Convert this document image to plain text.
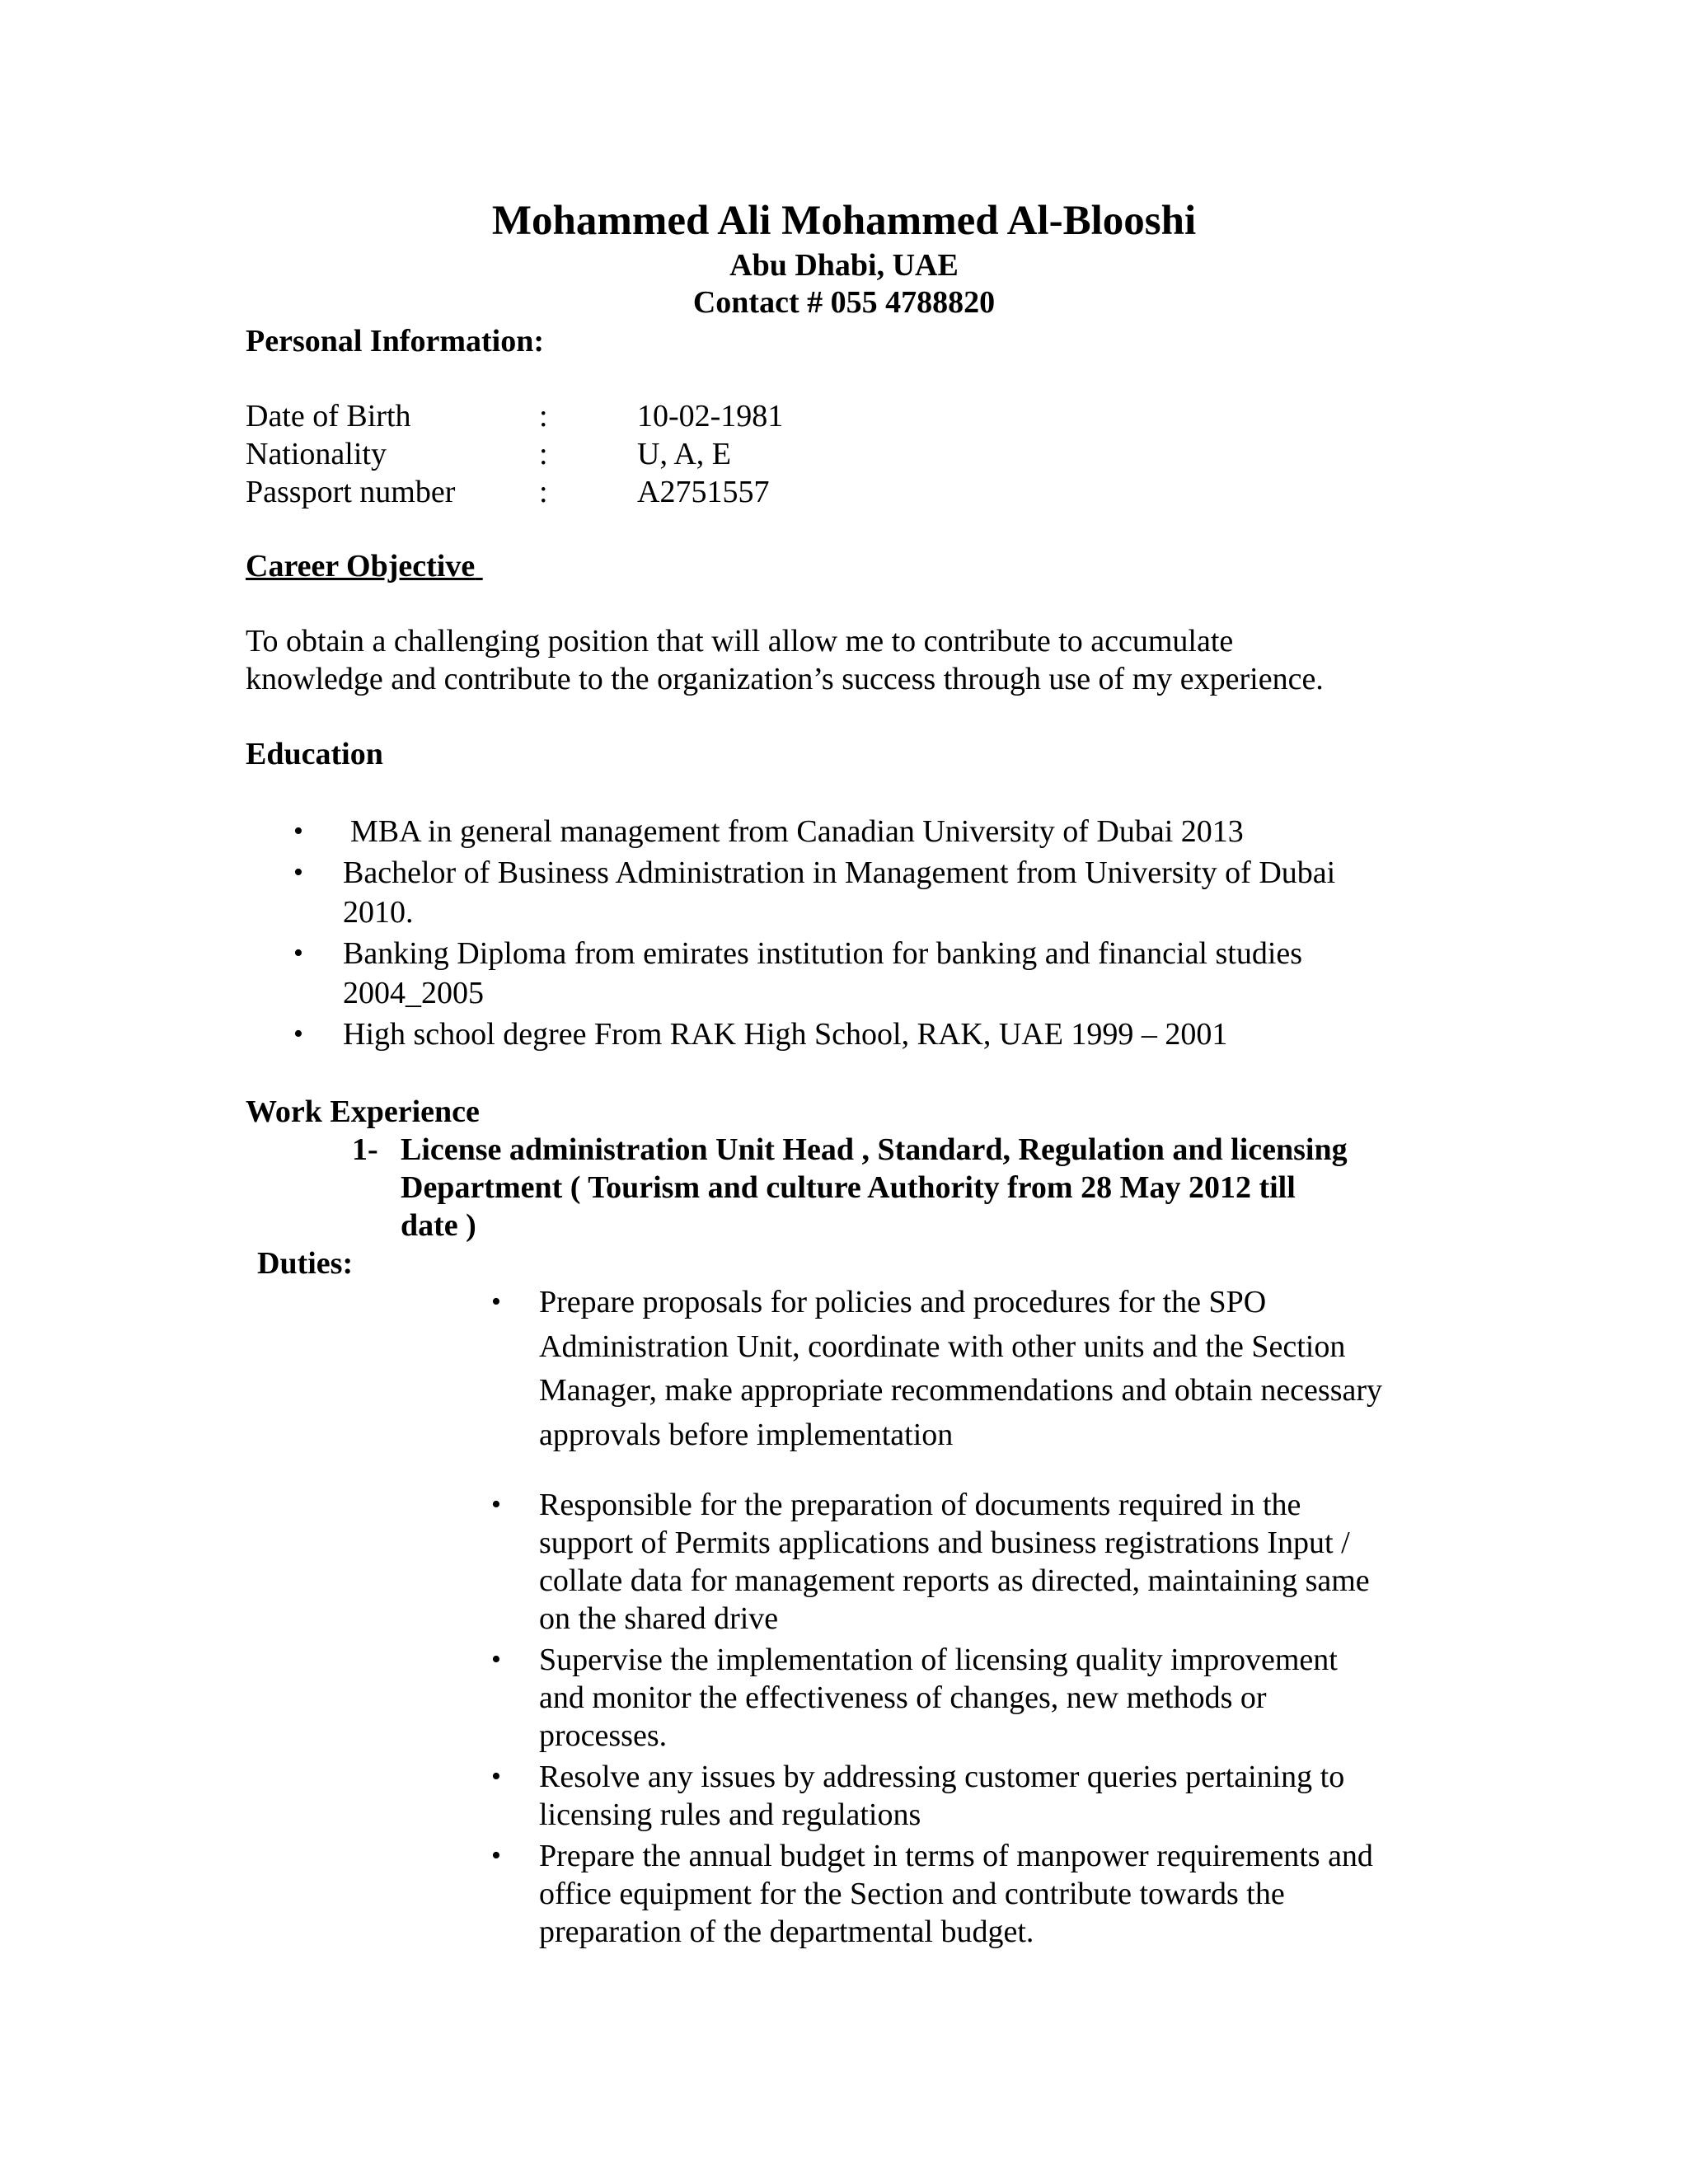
Mohammed Ali Mohammed Al-Blooshi
Abu Dhabi, UAE
Contact # 055 4788820
Personal Information:
Date of Birth	:	10-02-1981
Nationality	:	U, A, E
Passport number	:	A2751557
Career Objective
To obtain a challenging position that will allow me to contribute to accumulate
knowledge and contribute to the organization’s success through use of my experience.
Education
• MBA in general management from Canadian University of Dubai 2013
• Bachelor of Business Administration in Management from University of Dubai
2010.
• Banking Diploma from emirates institution for banking and financial studies
2004_2005
• High school degree From RAK High School, RAK, UAE 1999 – 2001
Work Experience
1- License administration Unit Head , Standard, Regulation and licensing
Department ( Tourism and culture Authority from 28 May 2012 till
date )
Duties:
• Prepare proposals for policies and procedures for the SPO
Administration Unit, coordinate with other units and the Section
Manager, make appropriate recommendations and obtain necessary
approvals before implementation
• Responsible for the preparation of documents required in the
support of Permits applications and business registrations Input /
collate data for management reports as directed, maintaining same
on the shared drive
• Supervise the implementation of licensing quality improvement
and monitor the effectiveness of changes, new methods or
processes.
• Resolve any issues by addressing customer queries pertaining to
licensing rules and regulations
• Prepare the annual budget in terms of manpower requirements and
office equipment for the Section and contribute towards the
preparation of the departmental budget.
